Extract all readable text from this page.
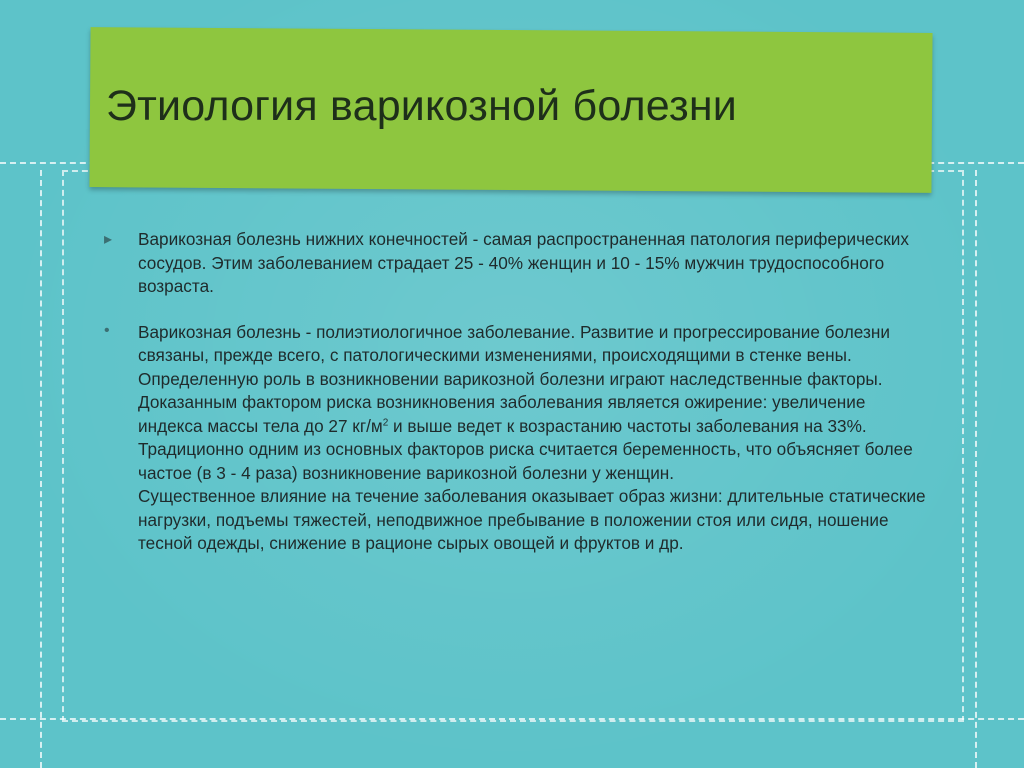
Этиология варикозной болезни
▸ Варикозная болезнь нижних конечностей - самая распространенная патология периферических сосудов. Этим заболеванием страдает 25 - 40% женщин и 10 - 15% мужчин трудоспособного возраста.
• Варикозная болезнь - полиэтиологичное заболевание. Развитие и прогрессирование болезни связаны, прежде всего, с патологическими изменениями, происходящими в стенке вены.
Определенную роль в возникновении варикозной болезни играют наследственные факторы.
Доказанным фактором риска возникновения заболевания является ожирение: увеличение индекса массы тела до 27 $кг/м^2$ и выше ведет к возрастанию частоты заболевания на 33%.
Традиционно одним из основных факторов риска считается беременность, что объясняет более частое (в 3 - 4 раза) возникновение варикозной болезни у женщин.
Существенное влияние на течение заболевания оказывает образ жизни: длительные статические нагрузки, подъемы тяжестей, неподвижное пребывание в положении стоя или сидя, ношение тесной одежды, снижение в рационе сырых овощей и фруктов и др.
